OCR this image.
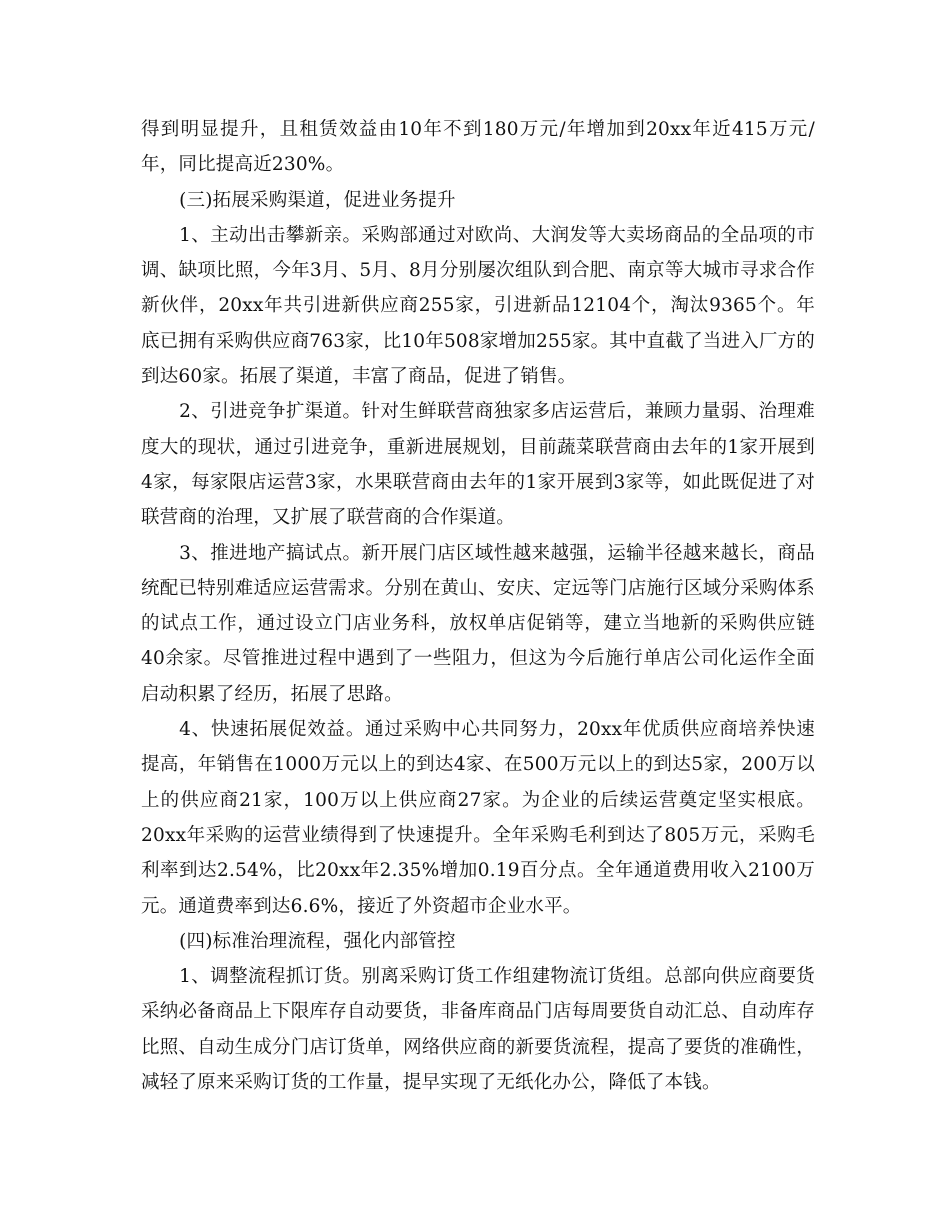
得到明显提升，且租赁效益由10年不到180万元/年增加到20xx年近415万元/年，同比提高近230%。

(三)拓展采购渠道，促进业务提升

1、主动出击攀新亲。采购部通过对欧尚、大润发等大卖场商品的全品项的市调、缺项比照，今年3月、5月、8月分别屡次组队到合肥、南京等大城市寻求合作新伙伴，20xx年共引进新供应商255家，引进新品12104个，淘汰9365个。年底已拥有采购供应商763家，比10年508家增加255家。其中直截了当进入厂方的到达60家。拓展了渠道，丰富了商品，促进了销售。

2、引进竞争扩渠道。针对生鲜联营商独家多店运营后，兼顾力量弱、治理难度大的现状，通过引进竞争，重新进展规划，目前蔬菜联营商由去年的1家开展到4家，每家限店运营3家，水果联营商由去年的1家开展到3家等，如此既促进了对联营商的治理，又扩展了联营商的合作渠道。

3、推进地产搞试点。新开展门店区域性越来越强，运输半径越来越长，商品统配已特别难适应运营需求。分别在黄山、安庆、定远等门店施行区域分采购体系的试点工作，通过设立门店业务科，放权单店促销等，建立当地新的采购供应链40余家。尽管推进过程中遇到了一些阻力，但这为今后施行单店公司化运作全面启动积累了经历，拓展了思路。

4、快速拓展促效益。通过采购中心共同努力，20xx年优质供应商培养快速提高，年销售在1000万元以上的到达4家、在500万元以上的到达5家，200万以上的供应商21家，100万以上供应商27家。为企业的后续运营奠定坚实根底。20xx年采购的运营业绩得到了快速提升。全年采购毛利到达了805万元，采购毛利率到达2.54%，比20xx年2.35%增加0.19百分点。全年通道费用收入2100万元。通道费率到达6.6%，接近了外资超市企业水平。

(四)标准治理流程，强化内部管控

1、调整流程抓订货。别离采购订货工作组建物流订货组。总部向供应商要货采纳必备商品上下限库存自动要货，非备库商品门店每周要货自动汇总、自动库存比照、自动生成分门店订货单，网络供应商的新要货流程，提高了要货的准确性，减轻了原来采购订货的工作量，提早实现了无纸化办公，降低了本钱。
